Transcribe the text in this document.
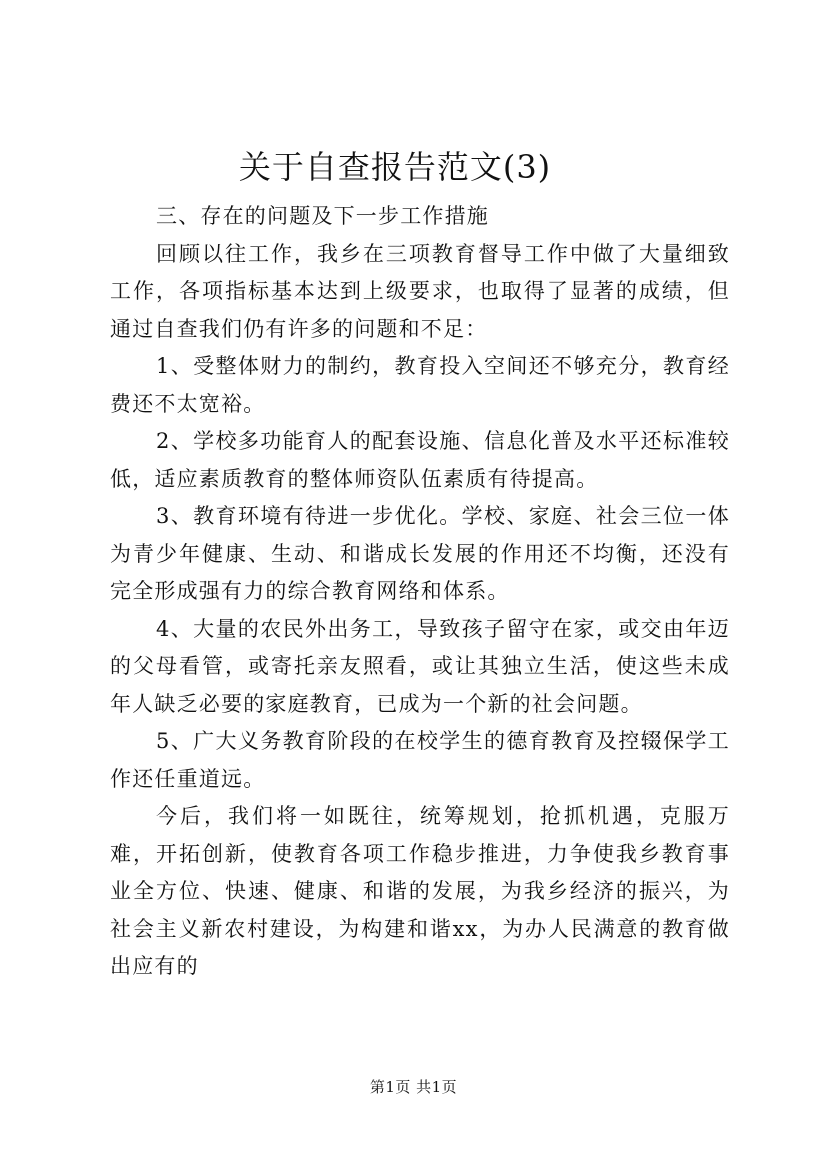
关于自查报告范文(3)

三、存在的问题及下一步工作措施

回顾以往工作，我乡在三项教育督导工作中做了大量细致工作，各项指标基本达到上级要求，也取得了显著的成绩，但通过自查我们仍有许多的问题和不足：

1、受整体财力的制约，教育投入空间还不够充分，教育经费还不太宽裕。

2、学校多功能育人的配套设施、信息化普及水平还标准较低，适应素质教育的整体师资队伍素质有待提高。

3、教育环境有待进一步优化。学校、家庭、社会三位一体为青少年健康、生动、和谐成长发展的作用还不均衡，还没有完全形成强有力的综合教育网络和体系。

4、大量的农民外出务工，导致孩子留守在家，或交由年迈的父母看管，或寄托亲友照看，或让其独立生活，使这些未成年人缺乏必要的家庭教育，已成为一个新的社会问题。

5、广大义务教育阶段的在校学生的德育教育及控辍保学工作还任重道远。

今后，我们将一如既往，统筹规划，抢抓机遇，克服万难，开拓创新，使教育各项工作稳步推进，力争使我乡教育事业全方位、快速、健康、和谐的发展，为我乡经济的振兴，为社会主义新农村建设，为构建和谐xx，为办人民满意的教育做出应有的

第1页 共1页
